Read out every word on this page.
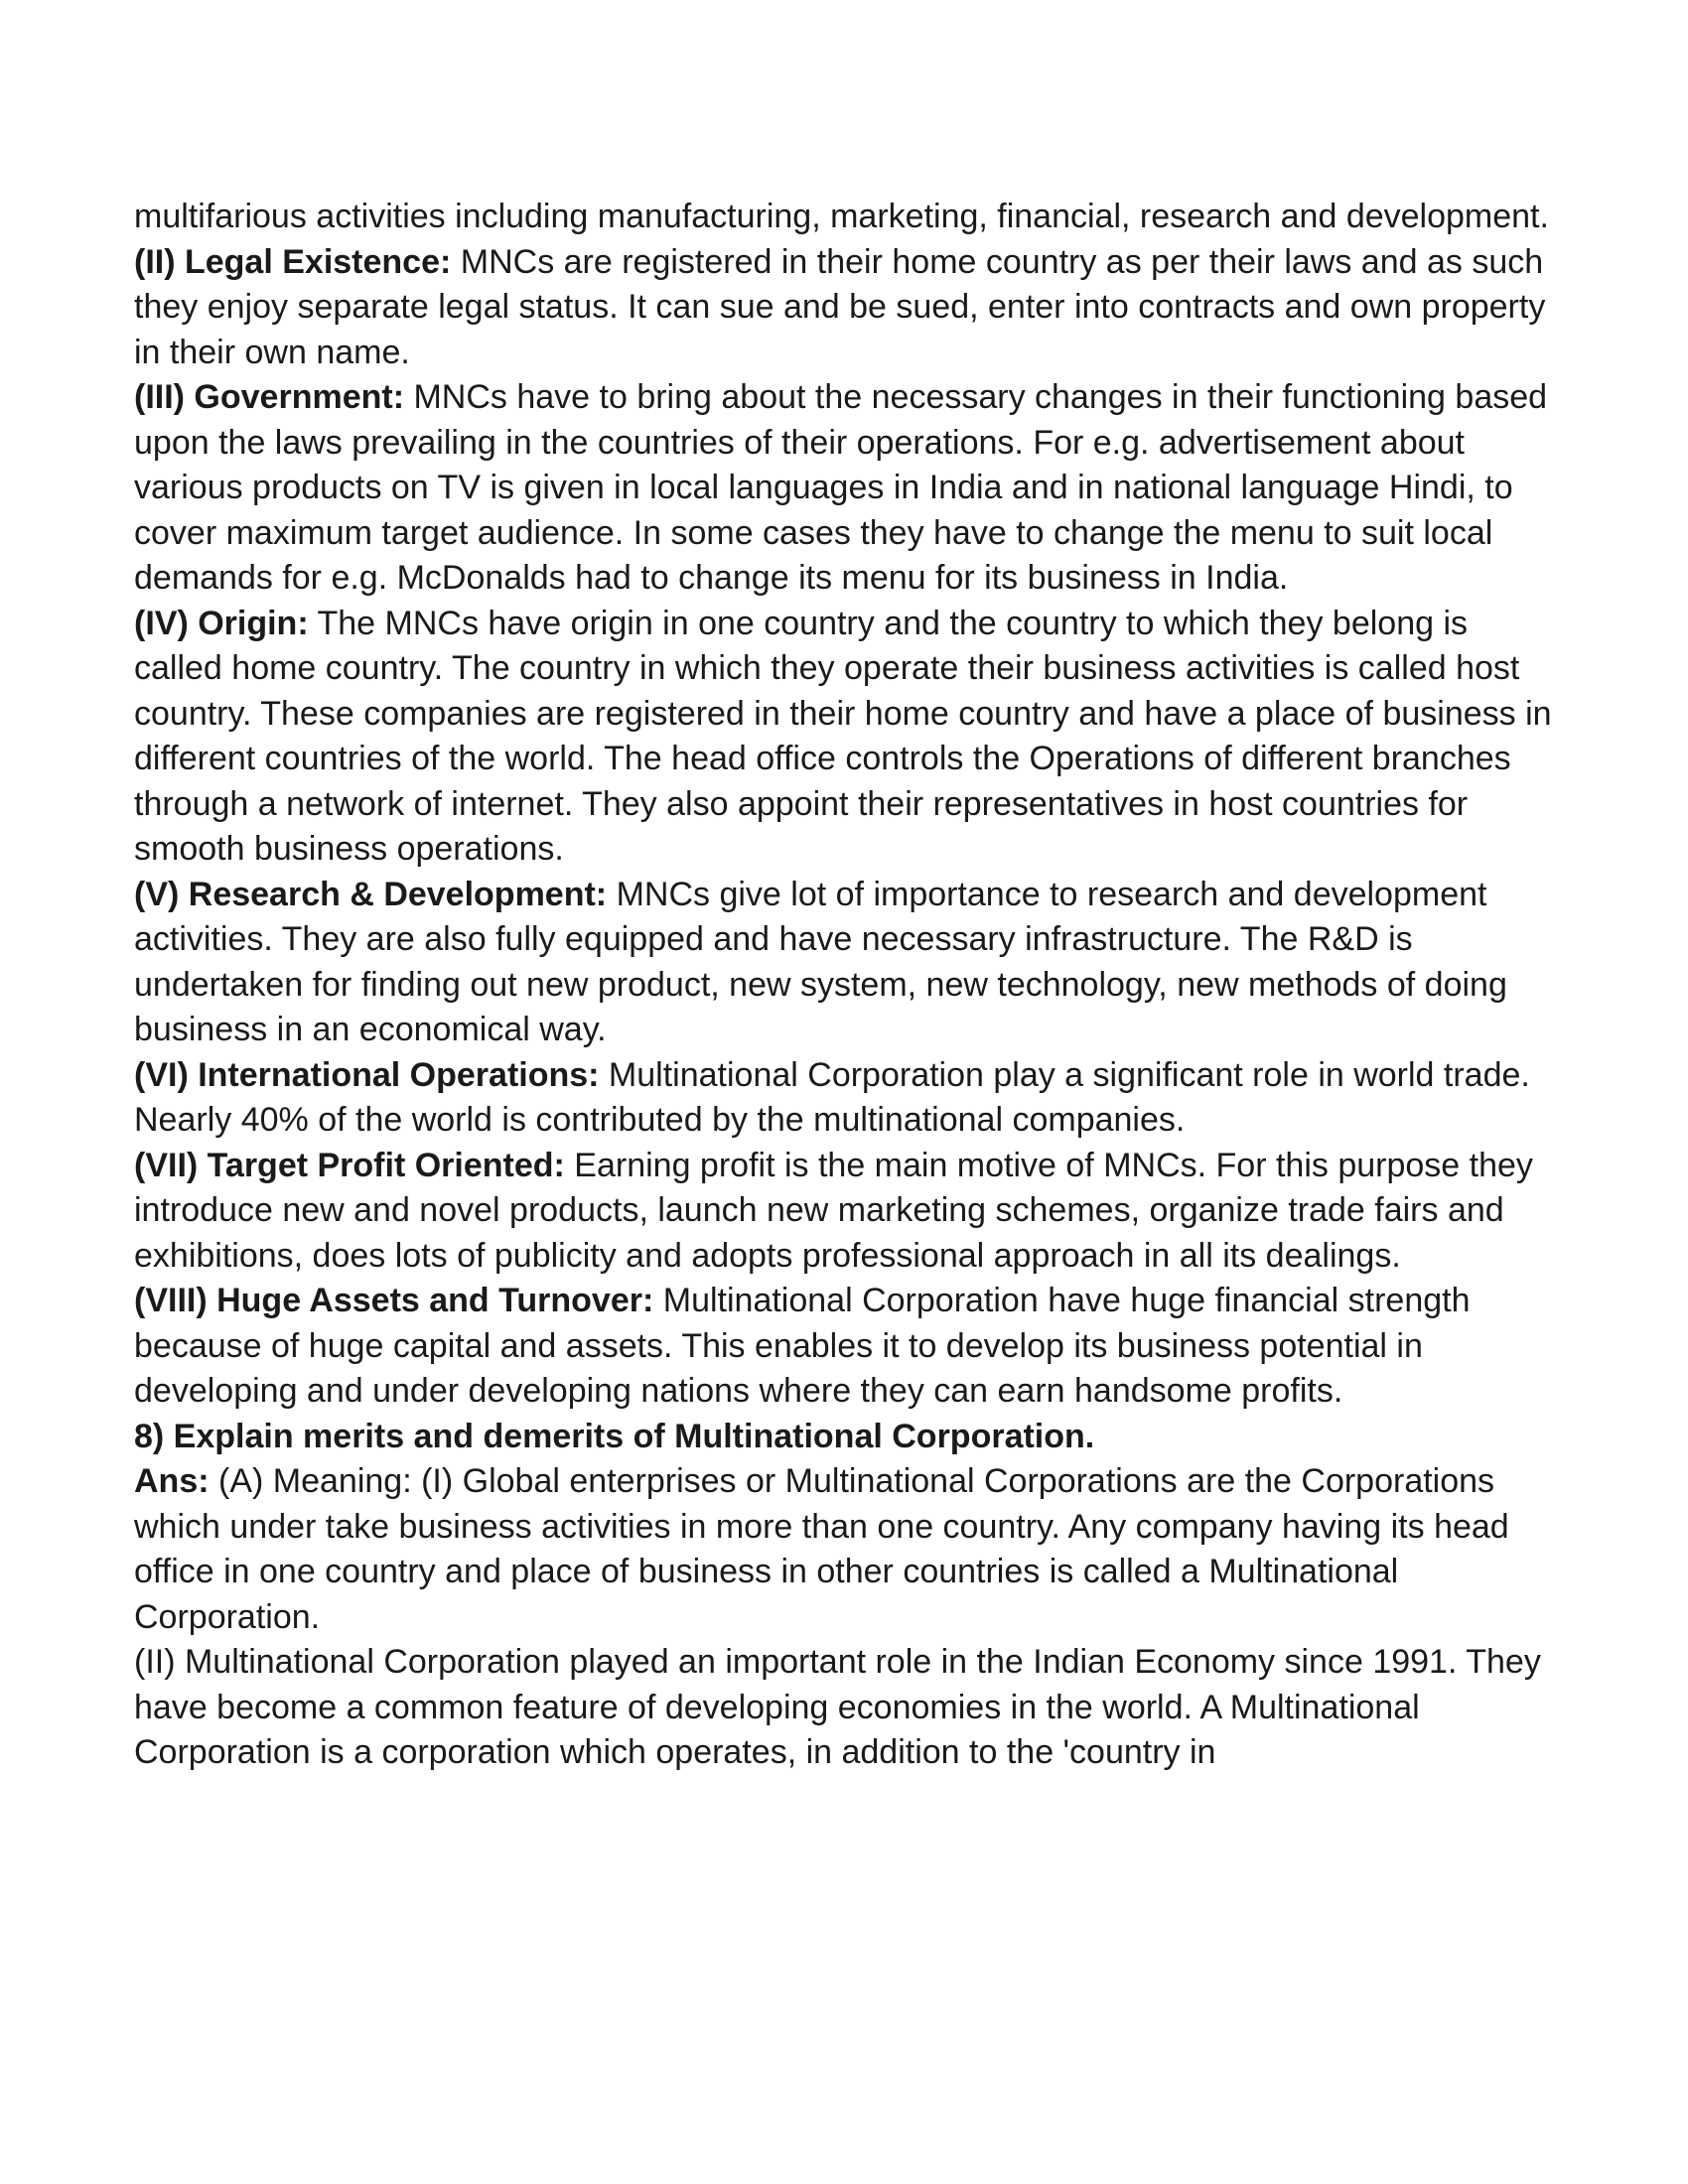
multifarious activities including manufacturing, marketing, financial, research and development.

(II) Legal Existence: MNCs are registered in their home country as per their laws and as such they enjoy separate legal status. It can sue and be sued, enter into contracts and own property in their own name.

(III) Government: MNCs have to bring about the necessary changes in their functioning based upon the laws prevailing in the countries of their operations. For e.g. advertisement about various products on TV is given in local languages in India and in national language Hindi, to cover maximum target audience. In some cases they have to change the menu to suit local demands for e.g. McDonalds had to change its menu for its business in India.

(IV) Origin: The MNCs have origin in one country and the country to which they belong is called home country. The country in which they operate their business activities is called host country. These companies are registered in their home country and have a place of business in different countries of the world. The head office controls the Operations of different branches through a network of internet. They also appoint their representatives in host countries for smooth business operations.

(V) Research & Development: MNCs give lot of importance to research and development activities. They are also fully equipped and have necessary infrastructure. The R&D is undertaken for finding out new product, new system, new technology, new methods of doing business in an economical way.

(VI) International Operations: Multinational Corporation play a significant role in world trade. Nearly 40% of the world is contributed by the multinational companies.

(VII) Target Profit Oriented: Earning profit is the main motive of MNCs. For this purpose they introduce new and novel products, launch new marketing schemes, organize trade fairs and exhibitions, does lots of publicity and adopts professional approach in all its dealings.

(VIII) Huge Assets and Turnover: Multinational Corporation have huge financial strength because of huge capital and assets. This enables it to develop its business potential in developing and under developing nations where they can earn handsome profits.

8) Explain merits and demerits of Multinational Corporation.

Ans: (A) Meaning: (I) Global enterprises or Multinational Corporations are the Corporations which under take business activities in more than one country. Any company having its head office in one country and place of business in other countries is called a Multinational Corporation.

(II) Multinational Corporation played an important role in the Indian Economy since 1991. They have become a common feature of developing economies in the world. A Multinational Corporation is a corporation which operates, in addition to the 'country in
